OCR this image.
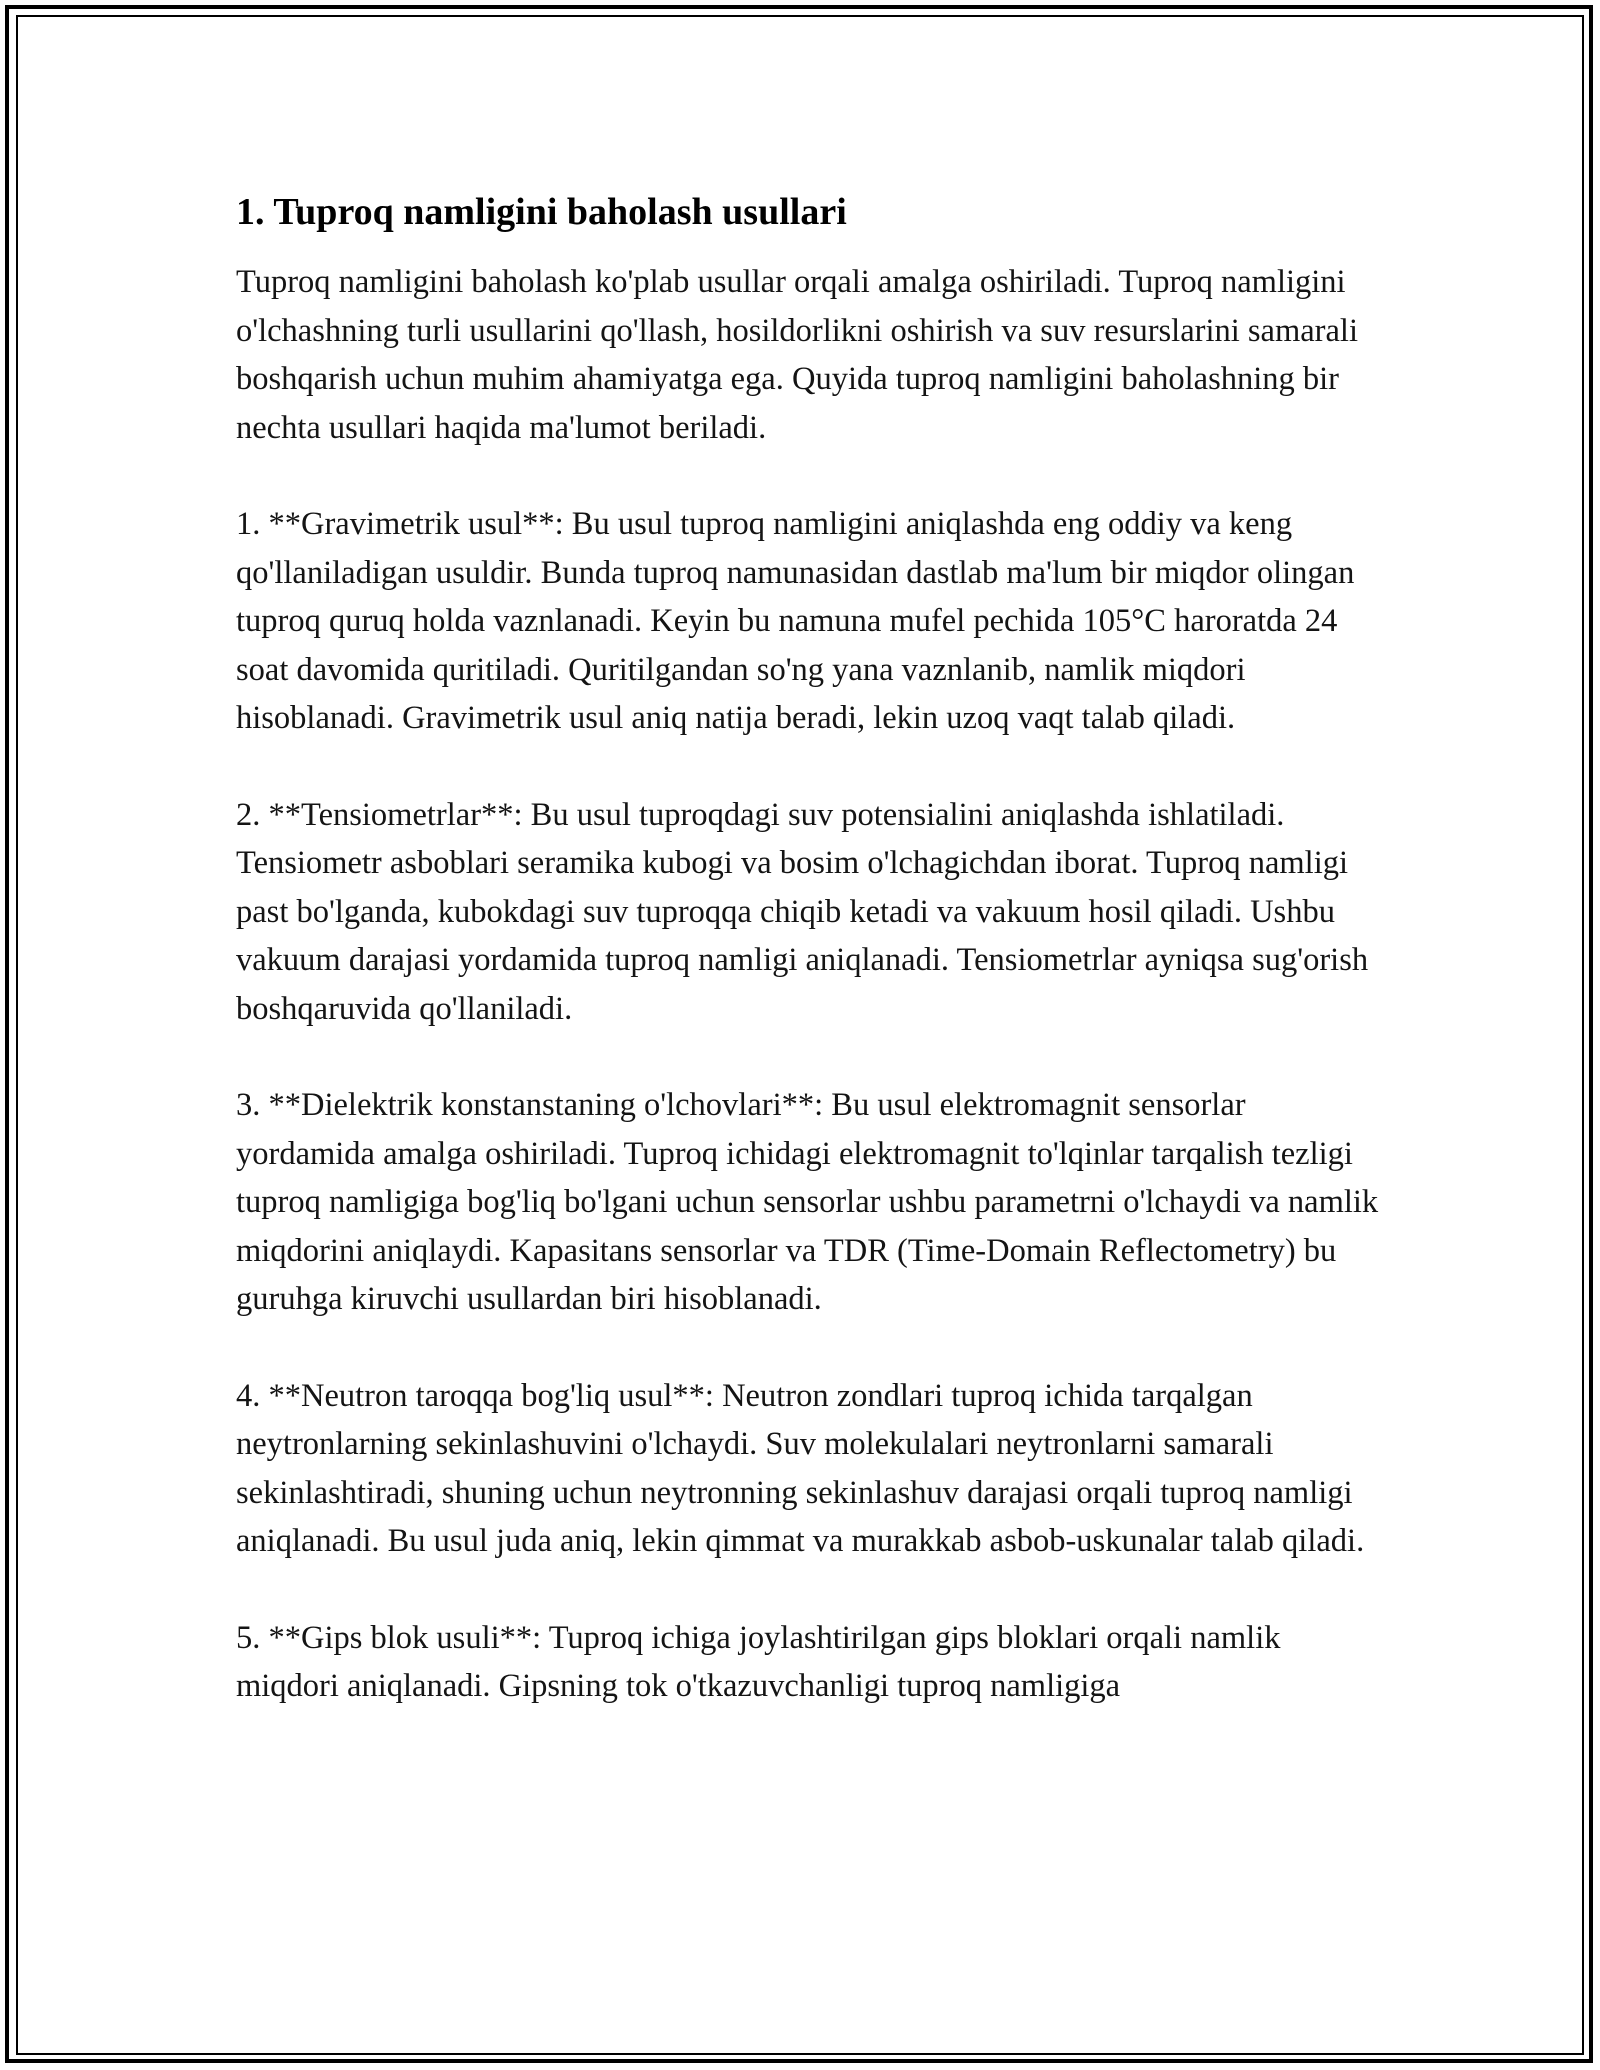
1. Tuproq namligini baholash usullari

Tuproq namligini baholash ko'plab usullar orqali amalga oshiriladi. Tuproq namligini o'lchashning turli usullarini qo'llash, hosildorlikni oshirish va suv resurslarini samarali boshqarish uchun muhim ahamiyatga ega. Quyida tuproq namligini baholashning bir nechta usullari haqida ma'lumot beriladi.

1. **Gravimetrik usul**: Bu usul tuproq namligini aniqlashda eng oddiy va keng qo'llaniladigan usuldir. Bunda tuproq namunasidan dastlab ma'lum bir miqdor olingan tuproq quruq holda vaznlanadi. Keyin bu namuna mufel pechida 105°C haroratda 24 soat davomida quritiladi. Quritilgandan so'ng yana vaznlanib, namlik miqdori hisoblanadi. Gravimetrik usul aniq natija beradi, lekin uzoq vaqt talab qiladi.

2. **Tensiometrlar**: Bu usul tuproqdagi suv potensialini aniqlashda ishlatiladi. Tensiometr asboblari seramika kubogi va bosim o'lchagichdan iborat. Tuproq namligi past bo'lganda, kubokdagi suv tuproqqa chiqib ketadi va vakuum hosil qiladi. Ushbu vakuum darajasi yordamida tuproq namligi aniqlanadi. Tensiometrlar ayniqsa sug'orish boshqaruvida qo'llaniladi.

3. **Dielektrik konstanstaning o'lchovlari**: Bu usul elektromagnit sensorlar yordamida amalga oshiriladi. Tuproq ichidagi elektromagnit to'lqinlar tarqalish tezligi tuproq namligiga bog'liq bo'lgani uchun sensorlar ushbu parametrni o'lchaydi va namlik miqdorini aniqlaydi. Kapasitans sensorlar va TDR (Time-Domain Reflectometry) bu guruhga kiruvchi usullardan biri hisoblanadi.

4. **Neutron taroqqa bog'liq usul**: Neutron zondlari tuproq ichida tarqalgan neytronlarning sekinlashuvini o'lchaydi. Suv molekulalari neytronlarni samarali sekinlashtiradi, shuning uchun neytronning sekinlashuv darajasi orqali tuproq namligi aniqlanadi. Bu usul juda aniq, lekin qimmat va murakkab asbob-uskunalar talab qiladi.

5. **Gips blok usuli**: Tuproq ichiga joylashtirilgan gips bloklari orqali namlik miqdori aniqlanadi. Gipsning tok o'tkazuvchanligi tuproq namligiga
